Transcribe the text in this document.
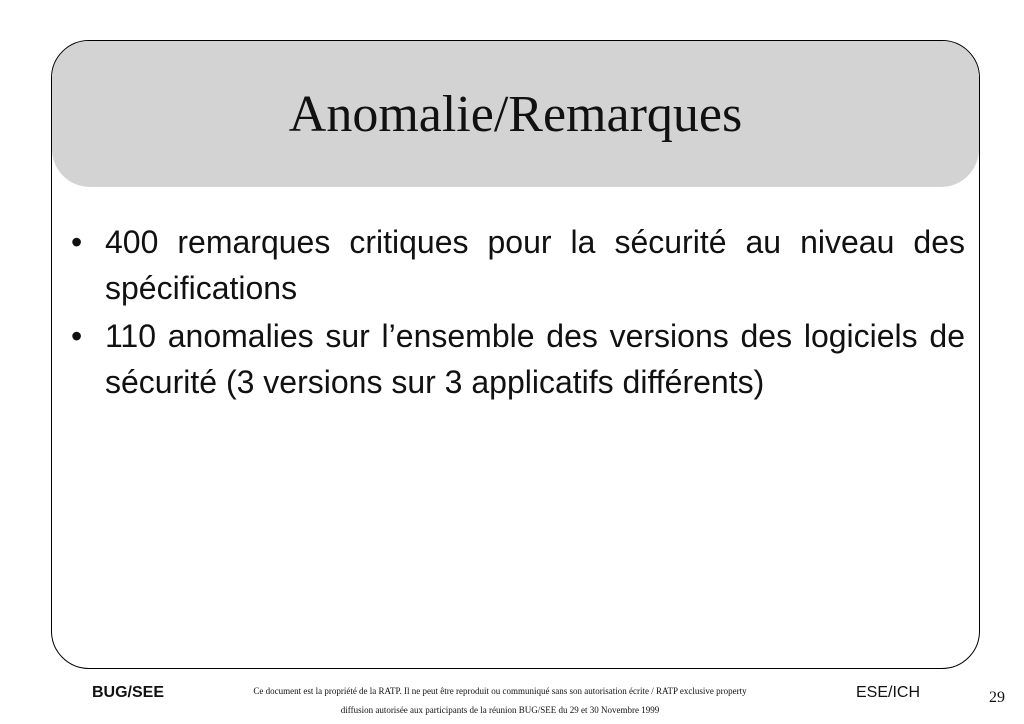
Anomalie/Remarques
• 400 remarques critiques pour la sécurité au niveau des spécifications
• 110 anomalies sur l’ensemble des versions des logiciels de sécurité (3 versions sur 3 applicatifs différents)
BUG/SEE	Ce document est la propriété de la RATP. Il ne peut être reproduit ou communiqué sans son autorisation écrite / RATP exclusive property
diffusion autorisée aux participants de la réunion BUG/SEE du 29 et 30 Novembre 1999
ESE/ICH	29
